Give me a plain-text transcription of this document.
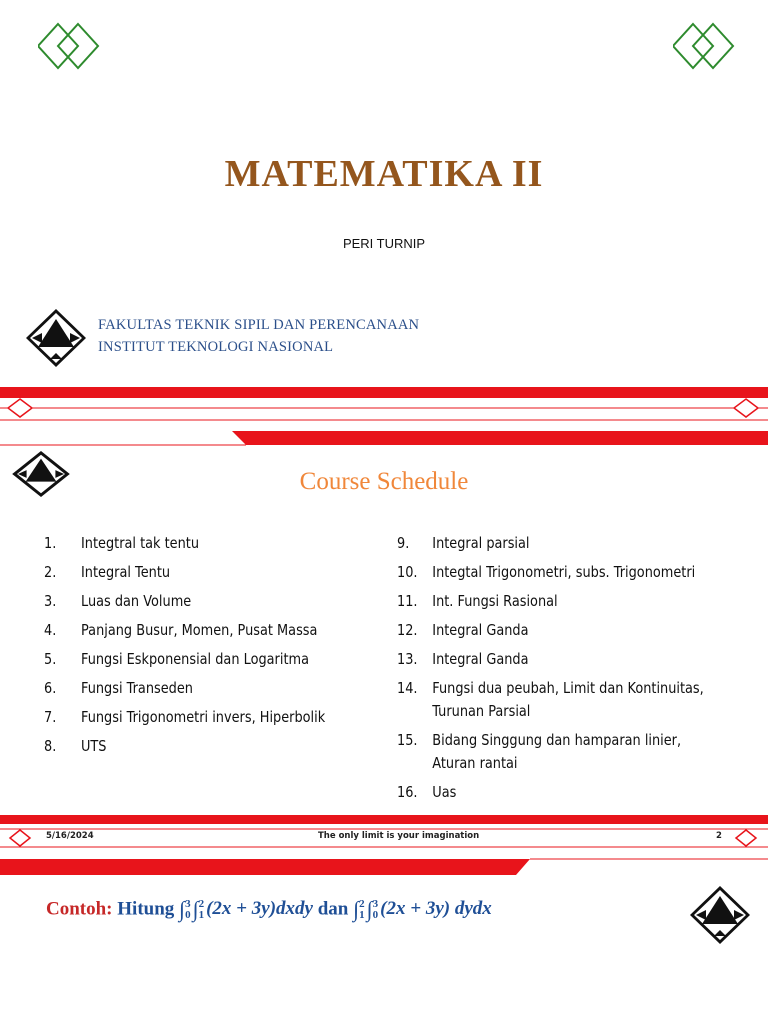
MATEMATIKA II
PERI TURNIP
FAKULTAS TEKNIK SIPIL DAN PERENCANAAN
INSTITUT TEKNOLOGI NASIONAL
Course Schedule
1.	Integtral tak tentu
2.	Integral Tentu
3.	Luas dan Volume
4.	Panjang Busur, Momen, Pusat Massa
5.	Fungsi Eskponensial dan Logaritma
6.	Fungsi Transeden
7.	Fungsi Trigonometri invers, Hiperbolik
8.	UTS
9.	Integral parsial
10. Integtal Trigonometri, subs. Trigonometri
11. Int. Fungsi Rasional
12. Integral Ganda
13. Integral Ganda
14. Fungsi dua peubah, Limit dan Kontinuitas, Turunan Parsial
15. Bidang Singgung dan hamparan linier, Aturan rantai
16. Uas
5/16/2024	The only limit is your imagination	2
Contoh: Hitung ∫ 3
0 ∫ 2
1 (2x + 3y)dxdy dan ∫ 2
1 ∫ 3
0 (2x + 3y) dydx
